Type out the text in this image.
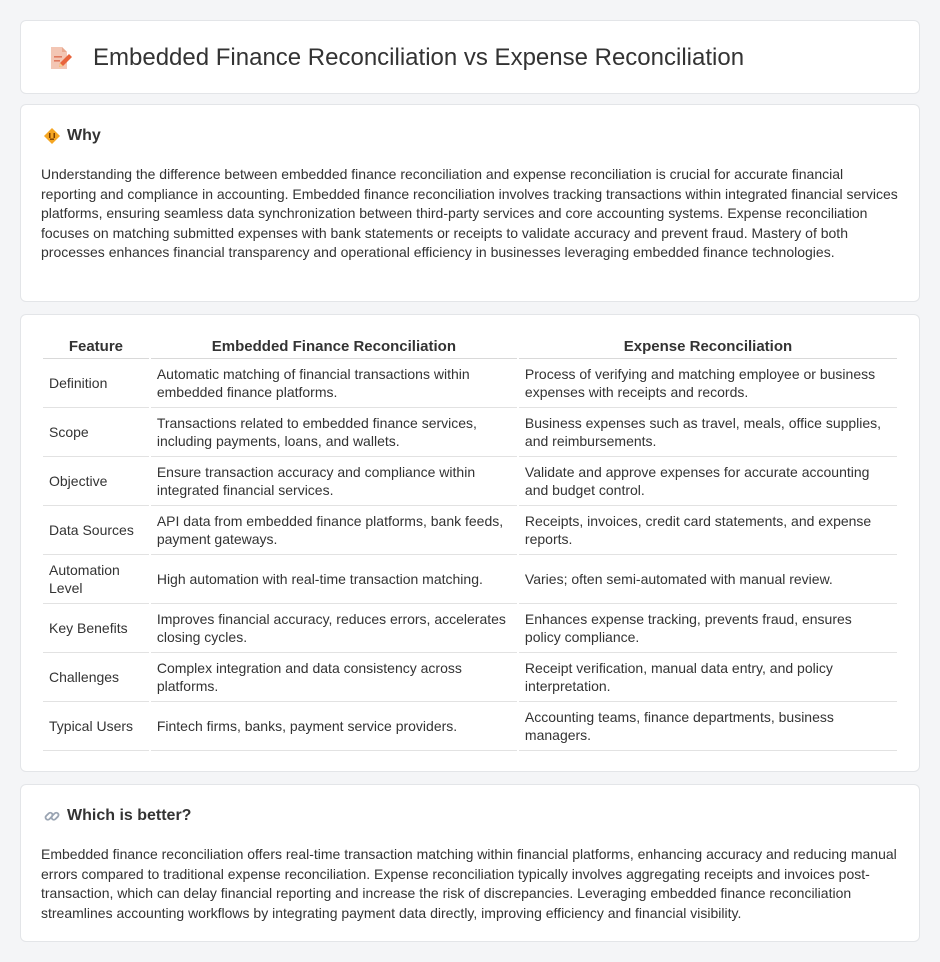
Embedded Finance Reconciliation vs Expense Reconciliation
Why

Understanding the difference between embedded finance reconciliation and expense reconciliation is crucial for accurate financial reporting and compliance in accounting. Embedded finance reconciliation involves tracking transactions within integrated financial services platforms, ensuring seamless data synchronization between third-party services and core accounting systems. Expense reconciliation focuses on matching submitted expenses with bank statements or receipts to validate accuracy and prevent fraud. Mastery of both processes enhances financial transparency and operational efficiency in businesses leveraging embedded finance technologies.

Feature	Embedded Finance Reconciliation	Expense Reconciliation
Definition	Automatic matching of financial transactions within embedded finance platforms.	Process of verifying and matching employee or business expenses with receipts and records.
Scope	Transactions related to embedded finance services, including payments, loans, and wallets.	Business expenses such as travel, meals, office supplies, and reimbursements.
Objective	Ensure transaction accuracy and compliance within integrated financial services.	Validate and approve expenses for accurate accounting and budget control.
Data Sources	API data from embedded finance platforms, bank feeds, payment gateways.	Receipts, invoices, credit card statements, and expense reports.
Automation Level	High automation with real-time transaction matching.	Varies; often semi-automated with manual review.
Key Benefits	Improves financial accuracy, reduces errors, accelerates closing cycles.	Enhances expense tracking, prevents fraud, ensures policy compliance.
Challenges	Complex integration and data consistency across platforms.	Receipt verification, manual data entry, and policy interpretation.
Typical Users	Fintech firms, banks, payment service providers.	Accounting teams, finance departments, business managers.
Which is better?

Embedded finance reconciliation offers real-time transaction matching within financial platforms, enhancing accuracy and reducing manual errors compared to traditional expense reconciliation. Expense reconciliation typically involves aggregating receipts and invoices post-transaction, which can delay financial reporting and increase the risk of discrepancies. Leveraging embedded finance reconciliation streamlines accounting workflows by integrating payment data directly, improving efficiency and financial visibility.
